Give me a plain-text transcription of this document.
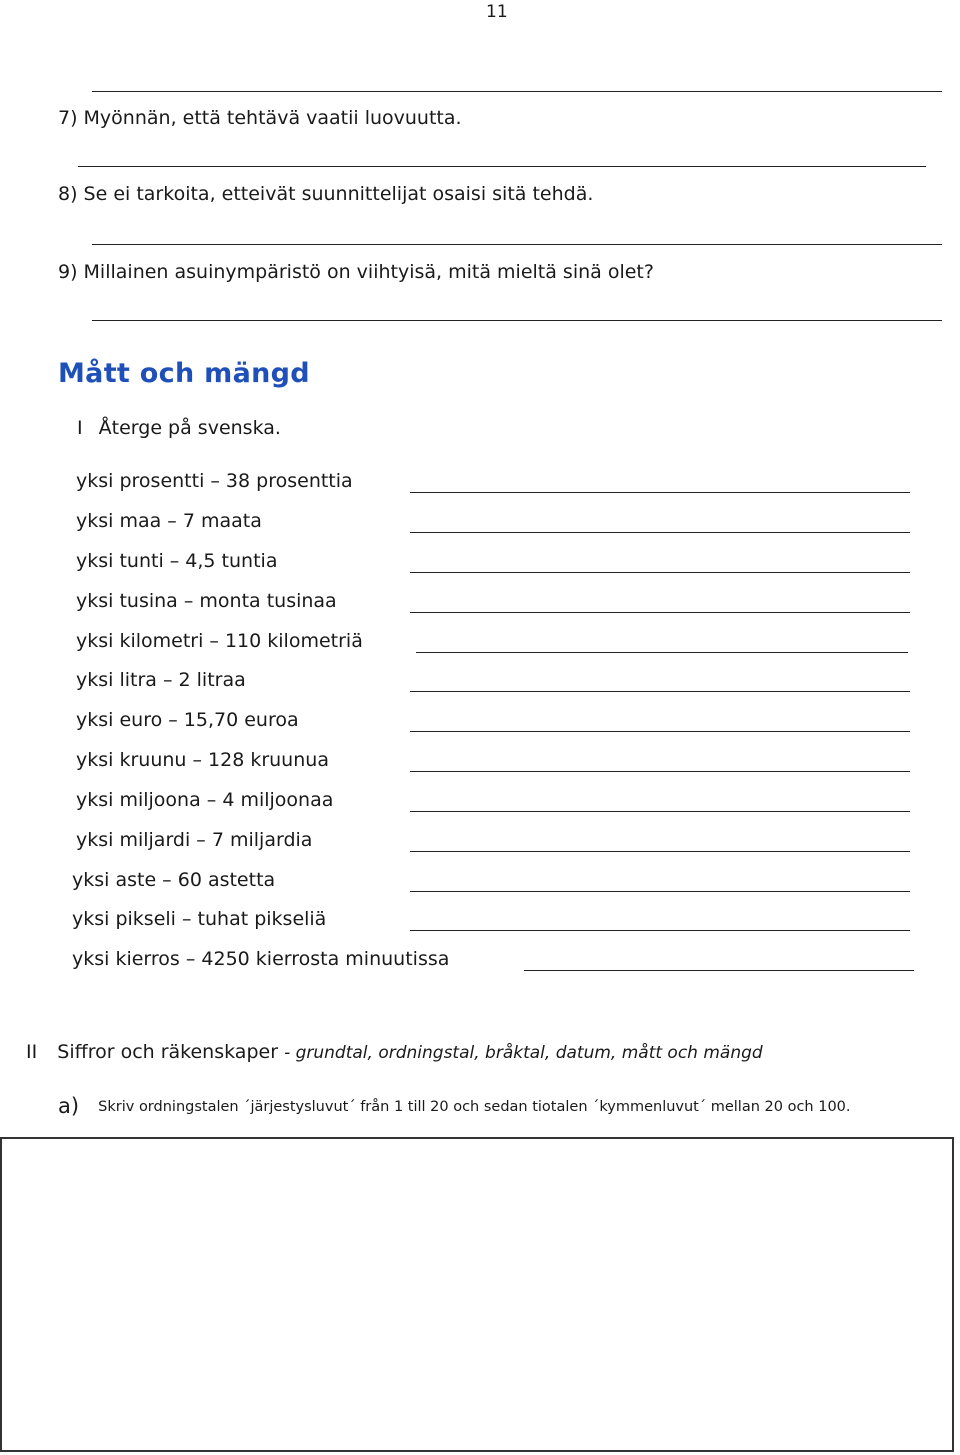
11
7) Myönnän, että tehtävä vaatii luovuutta.
8) Se ei tarkoita, etteivät suunnittelijat osaisi sitä tehdä.
9) Millainen asuinympäristö on viihtyisä, mitä mieltä sinä olet?
Mått och mängd
I Återge på svenska.
yksi prosentti – 38 prosenttia
yksi maa – 7 maata
yksi tunti – 4,5 tuntia
yksi tusina – monta tusinaa
yksi kilometri – 110 kilometriä
yksi litra – 2 litraa
yksi euro – 15,70 euroa
yksi kruunu – 128 kruunua
yksi miljoona – 4 miljoonaa
yksi miljardi – 7 miljardia
yksi aste – 60 astetta
yksi pikseli – tuhat pikseliä
yksi kierros – 4250 kierrosta minuutissa
II Siffror och räkenskaper - grundtal, ordningstal, bråktal, datum, mått och mängd
a) Skriv ordningstalen ´järjestysluvut´ från 1 till 20 och sedan tiotalen ´kymmenluvut´ mellan 20 och 100.
